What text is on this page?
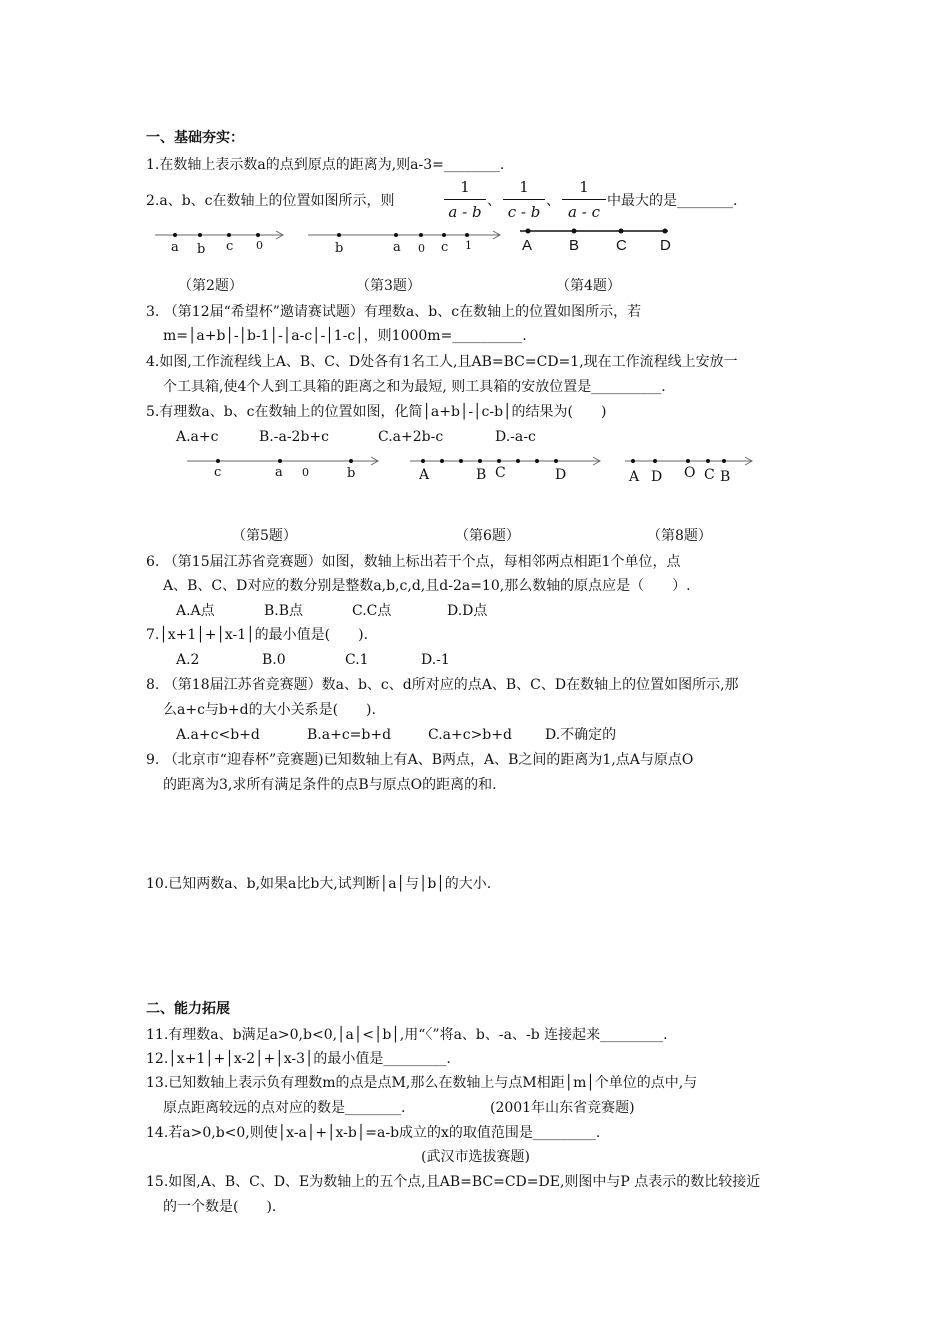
一、基础夯实：
1.在数轴上表示数a的点到原点的距离为,则a-3=________.
2.a、b、c在数轴上的位置如图所示，则
1
a - b
、
1
c - b
、
1
a - c
中最大的是________.
a b c 0	b	a 0 c 1	A B C D
（第2题）	（第3题）	（第4题）
3. （第12届“希望杯”邀请赛试题）有理数a、b、c在数轴上的位置如图所示，若
m=│a+b│-│b-1│-│a-c│-│1-c│，则1000m=__________.
4.如图,工作流程线上A、B、C、D处各有1名工人,且AB=BC=CD=1,现在工作流程线上安放一
个工具箱,使4个人到工具箱的距离之和为最短, 则工具箱的安放位置是__________.
5.有理数a、b、c在数轴上的位置如图，化简│a+b│-│c-b│的结果为(　　)
A.a+c	B.-a-2b+c	C.a+2b-c	D.-a-c
c	a 0	b	A	B C	D	A D O C B
（第5题）	（第6题）	（第8题）
6. （第15届江苏省竞赛题）如图，数轴上标出若干个点，每相邻两点相距1个单位，点
A、B、C、D对应的数分别是整数a,b,c,d,且d-2a=10,那么数轴的原点应是（　　）.
A.A点	B.B点	C.C点	D.D点
7.│x+1│+│x-1│的最小值是(　　).
A.2	B.0	C.1	D.-1
8. （第18届江苏省竞赛题）数a、b、c、d所对应的点A、B、C、D在数轴上的位置如图所示,那
么a+c与b+d的大小关系是(　　).
A.a+c<b+d	B.a+c=b+d	C.a+c>b+d D.不确定的
9. （北京市“迎春杯”竞赛题)已知数轴上有A、B两点，A、B之间的距离为1,点A与原点O
的距离为3,求所有满足条件的点B与原点O的距离的和.
10.已知两数a、b,如果a比b大,试判断│a│与│b│的大小.
二、能力拓展
11.有理数a、b满足a>0,b<0,│a│<│b│,用“〈”将a、b、-a、-b 连接起来_________.
12.│x+1│+│x-2│+│x-3│的最小值是_________.
13.已知数轴上表示负有理数m的点是点M,那么在数轴上与点M相距│m│个单位的点中,与
原点距离较远的点对应的数是________.	(2001年山东省竞赛题)
14.若a>0,b<0,则使│x-a│+│x-b│=a-b成立的x的取值范围是_________.
(武汉市选拔赛题)
15.如图,A、B、C、D、E为数轴上的五个点,且AB=BC=CD=DE,则图中与P 点表示的数比较接近
的一个数是(　　).
